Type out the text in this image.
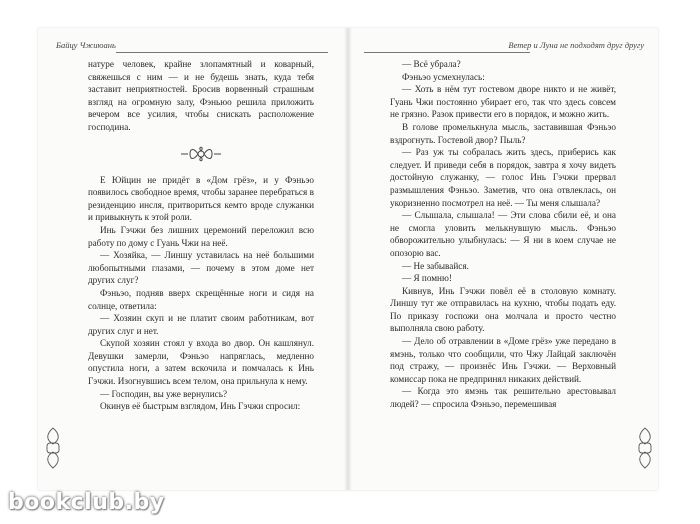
Байцу Чжиюань

натуре человек, крайне злопамятный и коварный, свяжешься с ним — и не будешь знать, куда тебя заставит неприятностей. Бросив ворвенный страшным взгляд на огромную залу, Фэньюо решила приложить вечером все усилия, чтобы снискать расположение господина.

Е Юйцин не придёт в «Дом грёз», и у Фэньэо появилось свободное время, чтобы заранее перебраться в резиденцию инсля, притвориться кемто вроде служанки и привыкнуть к этой роли.

Инь Гэчжи без лишних церемоний переложил всю работу по дому с Гуань Чжи на неё.

— Хозяйка, — Линшу уставилась на неё большими любопытными глазами, — почему в этом доме нет других слуг?

Фэньэо, подняв вверх скрещённые ноги и сидя на солнце, ответила:

— Хозяин скуп и не платит своим работникам, вот других слуг и нет.

Скупой хозяин стоял у входа во двор. Он кашлянул. Девушки замерли, Фэньэо напряглась, медленно опустила ноги, а затем вскочила и помчалась к Инь Гэчжи. Изогнувшись всем телом, она прильнула к нему.

— Господин, вы уже вернулись?

Окинув её быстрым взглядом, Инь Гэчжи спросил:

Ветер и Луна не подходят друг другу

— Всё убрала?

Фэньэо усмехнулась:

— Хоть в нём тут гостевом дворе никто и не живёт, Гуань Чжи постоянно убирает его, так что здесь совсем не грязно. Разок привести его в порядок, и можно жить.

В голове промелькнула мысль, заставившая Фэньэо вздрогнуть. Гостевой двор? Пыль?

— Раз уж ты собралась жить здесь, приберись как следует. И приведи себя в порядок, завтра я хочу видеть достойную служанку, — голос Инь Гэчжи прервал размышления Фэньэо. Заметив, что она отвлеклась, он укоризненно посмотрел на неё. — Ты меня слышала?

— Слышала, слышала! — Эти слова сбили её, и она не смогла уловить мелькнувшую мысль. Фэньэо обворожительно улыбнулась: — Я ни в коем случае не опозорю вас.

— Не забывайся.

— Я помню!

Кивнув, Инь Гэчжи повёл её в столовую комнату. Линшу тут же отправилась на кухню, чтобы подать еду. По приказу госпожи она молчала и просто честно выполняла свою работу.

— Дело об отравлении в «Доме грёз» уже передано в ямэнь, только что сообщили, что Чжу Лайцай заключён под стражу, — произнёс Инь Гэчжи. — Верховный комиссар пока не предпринял никаких действий.

— Когда это ямэнь так решительно арестовывал людей? — спросила Фэньэо, перемешивая

bookclub.by
